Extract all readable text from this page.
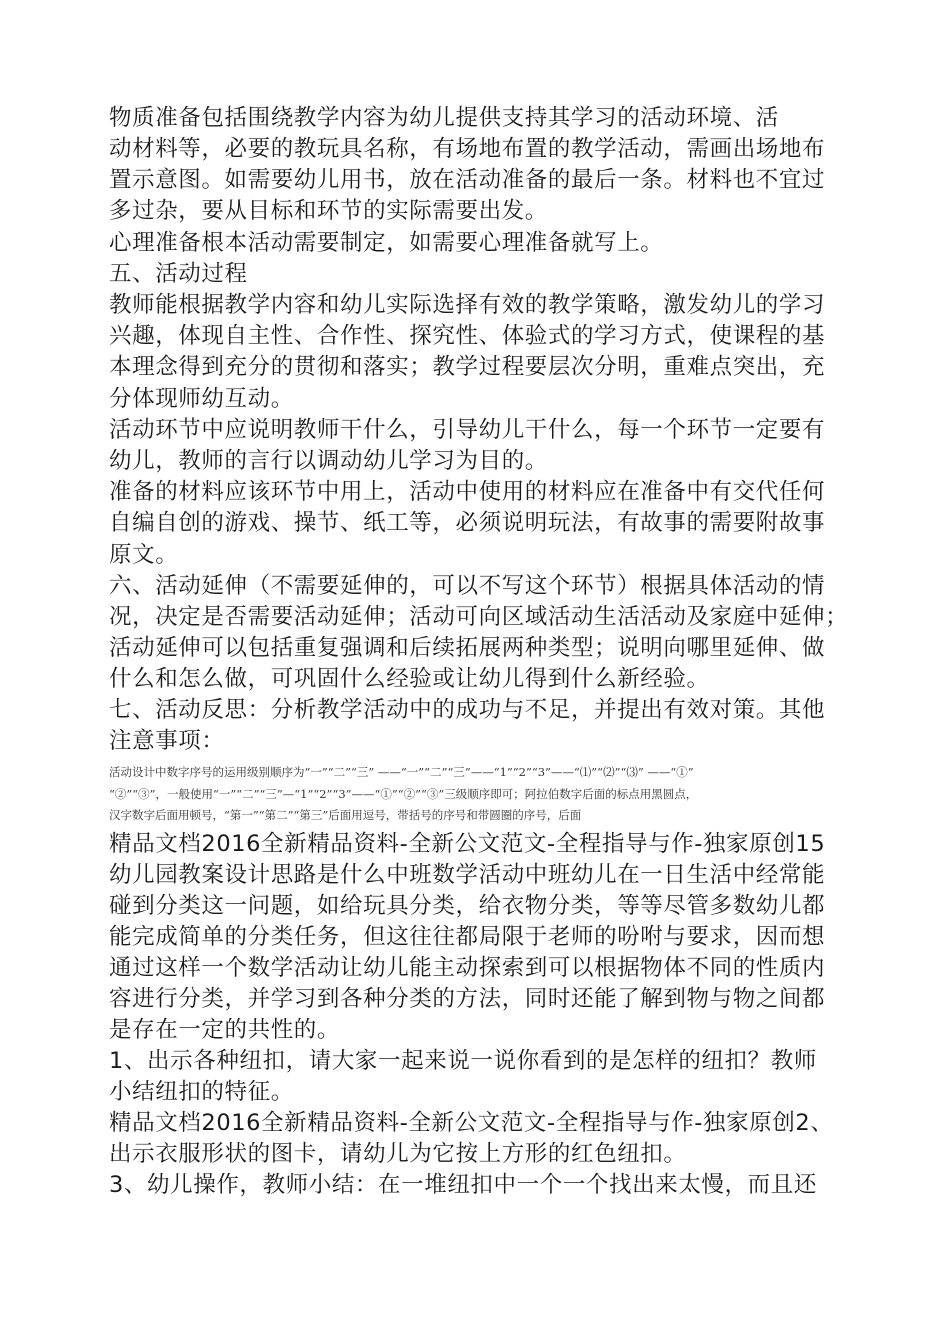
物质准备包括围绕教学内容为幼儿提供支持其学习的活动环境、活
动材料等，必要的教玩具名称，有场地布置的教学活动，需画出场地布
置示意图。如需要幼儿用书，放在活动准备的最后一条。材料也不宜过
多过杂，要从目标和环节的实际需要出发。
心理准备根本活动需要制定，如需要心理准备就写上。
五、活动过程
教师能根据教学内容和幼儿实际选择有效的教学策略，激发幼儿的学习
兴趣，体现自主性、合作性、探究性、体验式的学习方式，使课程的基
本理念得到充分的贯彻和落实；教学过程要层次分明，重难点突出，充
分体现师幼互动。
活动环节中应说明教师干什么，引导幼儿干什么，每一个环节一定要有
幼儿，教师的言行以调动幼儿学习为目的。
准备的材料应该环节中用上，活动中使用的材料应在准备中有交代任何
自编自创的游戏、操节、纸工等，必须说明玩法，有故事的需要附故事
原文。
六、活动延伸（不需要延伸的，可以不写这个环节）根据具体活动的情
况，决定是否需要活动延伸；活动可向区域活动生活活动及家庭中延伸；
活动延伸可以包括重复强调和后续拓展两种类型；说明向哪里延伸、做
什么和怎么做，可巩固什么经验或让幼儿得到什么新经验。
七、活动反思：分析教学活动中的成功与不足，并提出有效对策。其他
注意事项：
活动设计中数字序号的运用级别顺序为“一”“二”“三” ——“一”“二”“三”——“1”“2”“3”——“⑴”“⑵”“⑶” ——“①”
“②”“③”，一般使用“一”“二”“三”—“1”“2”“3”——“①”“②”“③”三级顺序即可；阿拉伯数字后面的标点用黑圆点，
汉字数字后面用顿号，“第一”“第二”“第三”后面用逗号，带括号的序号和带圆圈的序号，后面
精品文档2016全新精品资料-全新公文范文-全程指导与作-独家原创15
幼儿园教案设计思路是什么中班数学活动中班幼儿在一日生活中经常能
碰到分类这一问题，如给玩具分类，给衣物分类，等等尽管多数幼儿都
能完成简单的分类任务，但这往往都局限于老师的吩咐与要求，因而想
通过这样一个数学活动让幼儿能主动探索到可以根据物体不同的性质内
容进行分类，并学习到各种分类的方法，同时还能了解到物与物之间都
是存在一定的共性的。
1、出示各种纽扣，请大家一起来说一说你看到的是怎样的纽扣？教师
小结纽扣的特征。
精品文档2016全新精品资料-全新公文范文-全程指导与作-独家原创2、
出示衣服形状的图卡，请幼儿为它按上方形的红色纽扣。
3、幼儿操作，教师小结：在一堆纽扣中一个一个找出来太慢，而且还
